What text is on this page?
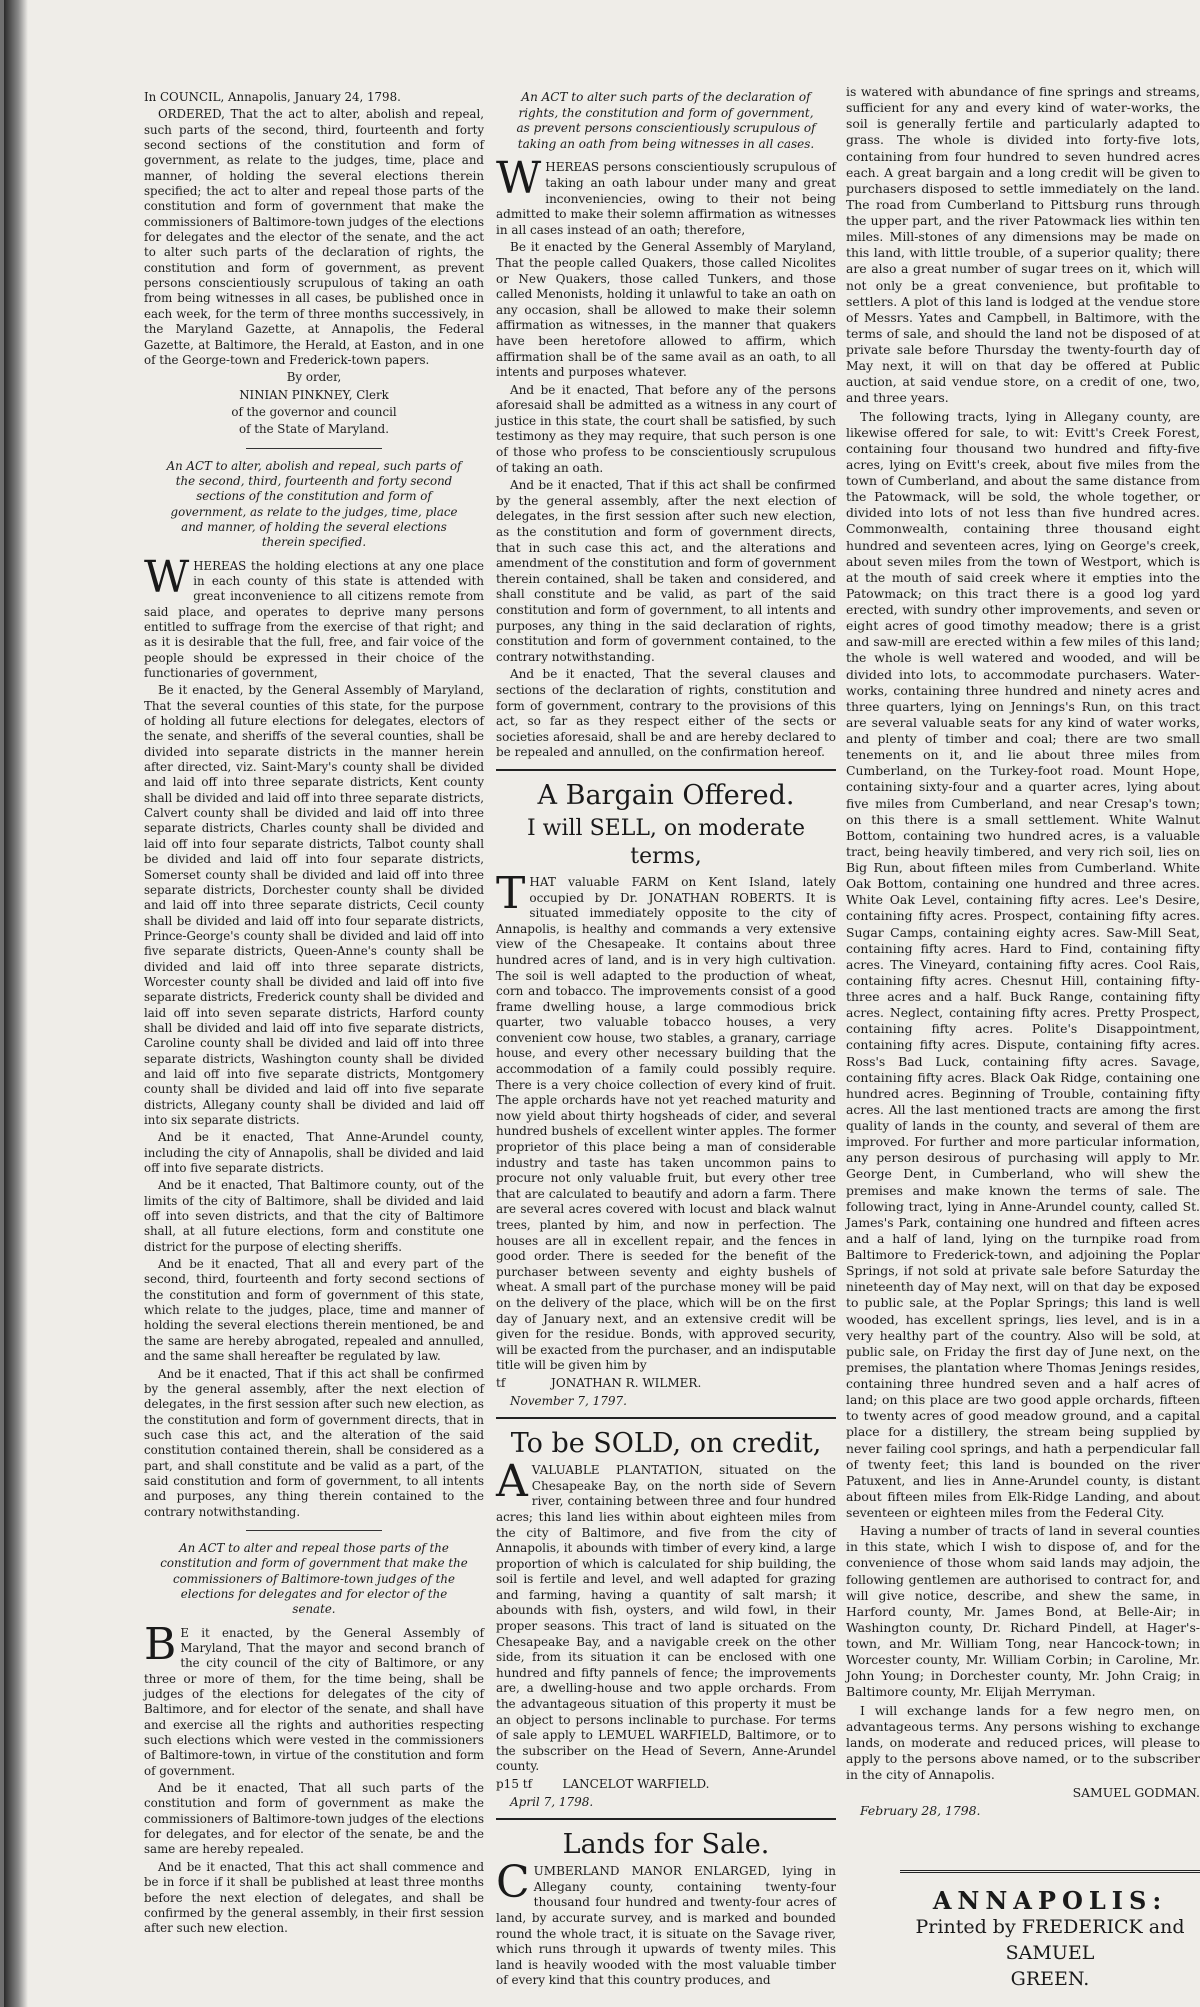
In COUNCIL, Annapolis, January 24, 1798.

ORDERED, That the act to alter, abolish and repeal, such parts of the second, third, fourteenth and forty second sections of the constitution and form of government, as relate to the judges, time, place and manner, of holding the several elections therein specified; the act to alter and repeal those parts of the constitution and form of government that make the commissioners of Baltimore-town judges of the elections for delegates and the elector of the senate, and the act to alter such parts of the declaration of rights, the constitution and form of government, as prevent persons conscientiously scrupulous of taking an oath from being witnesses in all cases, be published once in each week, for the term of three months successively, in the Maryland Gazette, at Annapolis, the Federal Gazette, at Baltimore, the Herald, at Easton, and in one of the George-town and Frederick-town papers.

By order,

NINIAN PINKNEY, Clerk

of the governor and council

of the State of Maryland.

An ACT to alter, abolish and repeal, such parts of the second, third, fourteenth and forty second sections of the constitution and form of government, as relate to the judges, time, place and manner, of holding the several elections therein specified.

WHEREAS the holding elections at any one place in each county of this state is attended with great inconvenience to all citizens remote from said place, and operates to deprive many persons entitled to suffrage from the exercise of that right; and as it is desirable that the full, free, and fair voice of the people should be expressed in their choice of the functionaries of government,

Be it enacted, by the General Assembly of Maryland, That the several counties of this state, for the purpose of holding all future elections for delegates, electors of the senate, and sheriffs of the several counties, shall be divided into separate districts in the manner herein after directed, viz. Saint-Mary's county shall be divided and laid off into three separate districts, Kent county shall be divided and laid off into three separate districts, Calvert county shall be divided and laid off into three separate districts, Charles county shall be divided and laid off into four separate districts, Talbot county shall be divided and laid off into four separate districts, Somerset county shall be divided and laid off into three separate districts, Dorchester county shall be divided and laid off into three separate districts, Cecil county shall be divided and laid off into four separate districts, Prince-George's county shall be divided and laid off into five separate districts, Queen-Anne's county shall be divided and laid off into three separate districts, Worcester county shall be divided and laid off into five separate districts, Frederick county shall be divided and laid off into seven separate districts, Harford county shall be divided and laid off into five separate districts, Caroline county shall be divided and laid off into three separate districts, Washington county shall be divided and laid off into five separate districts, Montgomery county shall be divided and laid off into five separate districts, Allegany county shall be divided and laid off into six separate districts.

And be it enacted, That Anne-Arundel county, including the city of Annapolis, shall be divided and laid off into five separate districts.

And be it enacted, That Baltimore county, out of the limits of the city of Baltimore, shall be divided and laid off into seven districts, and that the city of Baltimore shall, at all future elections, form and constitute one district for the purpose of electing sheriffs.

And be it enacted, That all and every part of the second, third, fourteenth and forty second sections of the constitution and form of government of this state, which relate to the judges, place, time and manner of holding the several elections therein mentioned, be and the same are hereby abrogated, repealed and annulled, and the same shall hereafter be regulated by law.

And be it enacted, That if this act shall be confirmed by the general assembly, after the next election of delegates, in the first session after such new election, as the constitution and form of government directs, that in such case this act, and the alteration of the said constitution contained therein, shall be considered as a part, and shall constitute and be valid as a part, of the said constitution and form of government, to all intents and purposes, any thing therein contained to the contrary notwithstanding.

An ACT to alter and repeal those parts of the constitution and form of government that make the commissioners of Baltimore-town judges of the elections for delegates and for elector of the senate.

B E it enacted, by the General Assembly of Maryland, That the mayor and second branch of the city council of the city of Baltimore, or any three or more of them, for the time being, shall be judges of the elections for delegates of the city of Baltimore, and for elector of the senate, and shall have and exercise all the rights and authorities respecting such elections which were vested in the commissioners of Baltimore-town, in virtue of the constitution and form of government.

And be it enacted, That all such parts of the constitution and form of government as make the commissioners of Baltimore-town judges of the elections for delegates, and for elector of the senate, be and the same are hereby repealed.

And be it enacted, That this act shall commence and be in force if it shall be published at least three months before the next election of delegates, and shall be confirmed by the general assembly, in their first session after such new election.

An ACT to alter such parts of the declaration of rights, the constitution and form of government, as prevent persons conscientiously scrupulous of taking an oath from being witnesses in all cases.

WHEREAS persons conscientiously scrupulous of taking an oath labour under many and great inconveniencies, owing to their not being admitted to make their solemn affirmation as witnesses in all cases instead of an oath; therefore,

Be it enacted by the General Assembly of Maryland, That the people called Quakers, those called Nicolites or New Quakers, those called Tunkers, and those called Menonists, holding it unlawful to take an oath on any occasion, shall be allowed to make their solemn affirmation as witnesses, in the manner that quakers have been heretofore allowed to affirm, which affirmation shall be of the same avail as an oath, to all intents and purposes whatever.

And be it enacted, That before any of the persons aforesaid shall be admitted as a witness in any court of justice in this state, the court shall be satisfied, by such testimony as they may require, that such person is one of those who profess to be conscientiously scrupulous of taking an oath.

And be it enacted, That if this act shall be confirmed by the general assembly, after the next election of delegates, in the first session after such new election, as the constitution and form of government directs, that in such case this act, and the alterations and amendment of the constitution and form of government therein contained, shall be taken and considered, and shall constitute and be valid, as part of the said constitution and form of government, to all intents and purposes, any thing in the said declaration of rights, constitution and form of government contained, to the contrary notwithstanding.

And be it enacted, That the several clauses and sections of the declaration of rights, constitution and form of government, contrary to the provisions of this act, so far as they respect either of the sects or societies aforesaid, shall be and are hereby declared to be repealed and annulled, on the confirmation hereof.

A Bargain Offered.

I will SELL, on moderate terms,

THAT valuable FARM on Kent Island, lately occupied by Dr. JONATHAN ROBERTS. It is situated immediately opposite to the city of Annapolis, is healthy and commands a very extensive view of the Chesapeake. It contains about three hundred acres of land, and is in very high cultivation. The soil is well adapted to the production of wheat, corn and tobacco. The improvements consist of a good frame dwelling house, a large commodious brick quarter, two valuable tobacco houses, a very convenient cow house, two stables, a granary, carriage house, and every other necessary building that the accommodation of a family could possibly require. There is a very choice collection of every kind of fruit. The apple orchards have not yet reached maturity and now yield about thirty hogsheads of cider, and several hundred bushels of excellent winter apples. The former proprietor of this place being a man of considerable industry and taste has taken uncommon pains to procure not only valuable fruit, but every other tree that are calculated to beautify and adorn a farm. There are several acres covered with locust and black walnut trees, planted by him, and now in perfection. The houses are all in excellent repair, and the fences in good order. There is seeded for the benefit of the purchaser between seventy and eighty bushels of wheat. A small part of the purchase money will be paid on the delivery of the place, which will be on the first day of January next, and an extensive credit will be given for the residue. Bonds, with approved security, will be exacted from the purchaser, and an indisputable title will be given him by

tf	JONATHAN R. WILMER.

November 7, 1797.

To be SOLD, on credit,

AVALUABLE PLANTATION, situated on the Chesapeake Bay, on the north side of Severn river, containing between three and four hundred acres; this land lies within about eighteen miles from the city of Baltimore, and five from the city of Annapolis, it abounds with timber of every kind, a large proportion of which is calculated for ship building, the soil is fertile and level, and well adapted for grazing and farming, having a quantity of salt marsh; it abounds with fish, oysters, and wild fowl, in their proper seasons. This tract of land is situated on the Chesapeake Bay, and a navigable creek on the other side, from its situation it can be enclosed with one hundred and fifty pannels of fence; the improvements are, a dwelling-house and two apple orchards. From the advantageous situation of this property it must be an object to persons inclinable to purchase. For terms of sale apply to LEMUEL WARFIELD, Baltimore, or to the subscriber on the Head of Severn, Anne-Arundel county.

p15 tf	LANCELOT WARFIELD.

April 7, 1798.

Lands for Sale.

CUMBERLAND MANOR ENLARGED, lying in Allegany county, containing twenty-four thousand four hundred and twenty-four acres of land, by accurate survey, and is marked and bounded round the whole tract, it is situate on the Savage river, which runs through it upwards of twenty miles. This land is heavily wooded with the most valuable timber of every kind that this country produces, and

is watered with abundance of fine springs and streams, sufficient for any and every kind of water-works, the soil is generally fertile and particularly adapted to grass. The whole is divided into forty-five lots, containing from four hundred to seven hundred acres each. A great bargain and a long credit will be given to purchasers disposed to settle immediately on the land. The road from Cumberland to Pittsburg runs through the upper part, and the river Patowmack lies within ten miles. Mill-stones of any dimensions may be made on this land, with little trouble, of a superior quality; there are also a great number of sugar trees on it, which will not only be a great convenience, but profitable to settlers. A plot of this land is lodged at the vendue store of Messrs. Yates and Campbell, in Baltimore, with the terms of sale, and should the land not be disposed of at private sale before Thursday the twenty-fourth day of May next, it will on that day be offered at Public auction, at said vendue store, on a credit of one, two, and three years.

The following tracts, lying in Allegany county, are likewise offered for sale, to wit: Evitt's Creek Forest, containing four thousand two hundred and fifty-five acres, lying on Evitt's creek, about five miles from the town of Cumberland, and about the same distance from the Patowmack, will be sold, the whole together, or divided into lots of not less than five hundred acres. Commonwealth, containing three thousand eight hundred and seventeen acres, lying on George's creek, about seven miles from the town of Westport, which is at the mouth of said creek where it empties into the Patowmack; on this tract there is a good log yard erected, with sundry other improvements, and seven or eight acres of good timothy meadow; there is a grist and saw-mill are erected within a few miles of this land; the whole is well watered and wooded, and will be divided into lots, to accommodate purchasers. Water-works, containing three hundred and ninety acres and three quarters, lying on Jennings's Run, on this tract are several valuable seats for any kind of water works, and plenty of timber and coal; there are two small tenements on it, and lie about three miles from Cumberland, on the Turkey-foot road. Mount Hope, containing sixty-four and a quarter acres, lying about five miles from Cumberland, and near Cresap's town; on this there is a small settlement. White Walnut Bottom, containing two hundred acres, is a valuable tract, being heavily timbered, and very rich soil, lies on Big Run, about fifteen miles from Cumberland. White Oak Bottom, containing one hundred and three acres. White Oak Level, containing fifty acres. Lee's Desire, containing fifty acres. Prospect, containing fifty acres. Sugar Camps, containing eighty acres. Saw-Mill Seat, containing fifty acres. Hard to Find, containing fifty acres. The Vineyard, containing fifty acres. Cool Rais, containing fifty acres. Chesnut Hill, containing fifty-three acres and a half. Buck Range, containing fifty acres. Neglect, containing fifty acres. Pretty Prospect, containing fifty acres. Polite's Disappointment, containing fifty acres. Dispute, containing fifty acres. Ross's Bad Luck, containing fifty acres. Savage, containing fifty acres. Black Oak Ridge, containing one hundred acres. Beginning of Trouble, containing fifty acres. All the last mentioned tracts are among the first quality of lands in the county, and several of them are improved. For further and more particular information, any person desirous of purchasing will apply to Mr. George Dent, in Cumberland, who will shew the premises and make known the terms of sale. The following tract, lying in Anne-Arundel county, called St. James's Park, containing one hundred and fifteen acres and a half of land, lying on the turnpike road from Baltimore to Frederick-town, and adjoining the Poplar Springs, if not sold at private sale before Saturday the nineteenth day of May next, will on that day be exposed to public sale, at the Poplar Springs; this land is well wooded, has excellent springs, lies level, and is in a very healthy part of the country. Also will be sold, at public sale, on Friday the first day of June next, on the premises, the plantation where Thomas Jenings resides, containing three hundred seven and a half acres of land; on this place are two good apple orchards, fifteen to twenty acres of good meadow ground, and a capital place for a distillery, the stream being supplied by never failing cool springs, and hath a perpendicular fall of twenty feet; this land is bounded on the river Patuxent, and lies in Anne-Arundel county, is distant about fifteen miles from Elk-Ridge Landing, and about seventeen or eighteen miles from the Federal City.

Having a number of tracts of land in several counties in this state, which I wish to dispose of, and for the convenience of those whom said lands may adjoin, the following gentlemen are authorised to contract for, and will give notice, describe, and shew the same, in Harford county, Mr. James Bond, at Belle-Air; in Washington county, Dr. Richard Pindell, at Hager's-town, and Mr. William Tong, near Hancock-town; in Worcester county, Mr. William Corbin; in Caroline, Mr. John Young; in Dorchester county, Mr. John Craig; in Baltimore county, Mr. Elijah Merryman.

I will exchange lands for a few negro men, on advantageous terms. Any persons wishing to exchange lands, on moderate and reduced prices, will please to apply to the persons above named, or to the subscriber in the city of Annapolis.

SAMUEL GODMAN.

February 28, 1798.

ANNAPOLIS:
Printed by FREDERICK and SAMUEL
GREEN.
